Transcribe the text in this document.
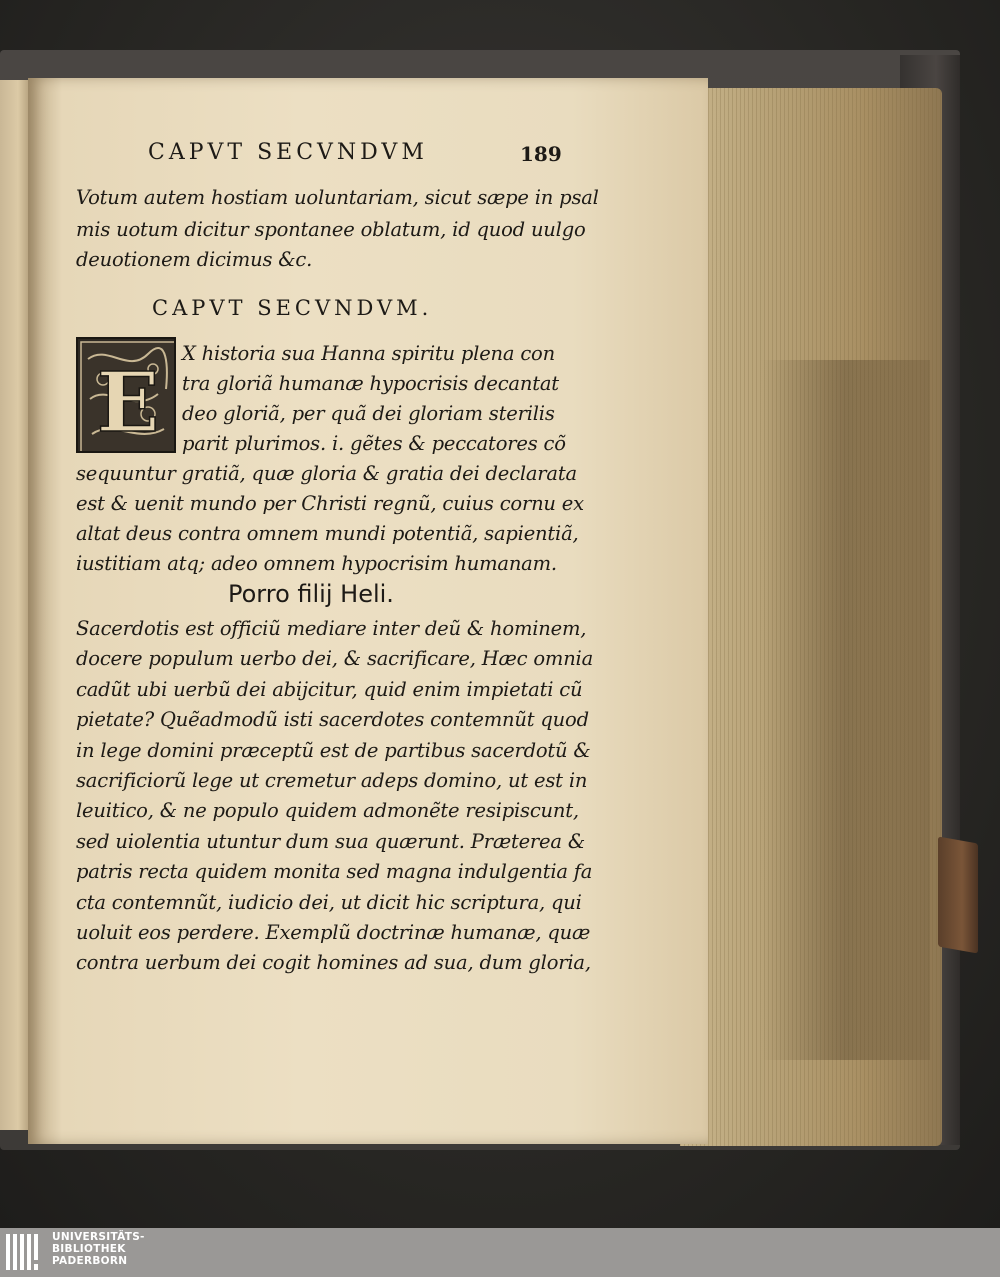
CAPVT SECVNDVM	189
Votum autem hostiam uoluntariam, sicut sæpe in psal
mis uotum dicitur spontanee oblatum, id quod uulgo
deuotionem dicimus &c.
CAPVT SECVNDVM.
E
X historia sua Hanna spiritu plena con
tra gloriã humanæ hypocrisis decantat
deo gloriã, per quã dei gloriam sterilis
parit plurimos. i. gẽtes & peccatores cõ
sequuntur gratiã, quæ gloria & gratia dei declarata
est & uenit mundo per Christi regnũ, cuius cornu ex
altat deus contra omnem mundi potentiã, sapientiã,
iustitiam atq; adeo omnem hypocrisim humanam.
Porro filij Heli.
Sacerdotis est officiũ mediare inter deũ & hominem,
docere populum uerbo dei, & sacrificare, Hæc omnia
cadũt ubi uerbũ dei abijcitur, quid enim impietati cũ
pietate? Quẽadmodũ isti sacerdotes contemnũt quod
in lege domini præceptũ est de partibus sacerdotũ &
sacrificiorũ lege ut cremetur adeps domino, ut est in
leuitico, & ne populo quidem admonẽte resipiscunt,
sed uiolentia utuntur dum sua quærunt. Præterea &
patris recta quidem monita sed magna indulgentia fa
cta contemnũt, iudicio dei, ut dicit hic scriptura, qui
uoluit eos perdere. Exemplũ doctrinæ humanæ, quæ
contra uerbum dei cogit homines ad sua, dum gloria,
UNIVERSITÄTS-
BIBLIOTHEK
PADERBORN
